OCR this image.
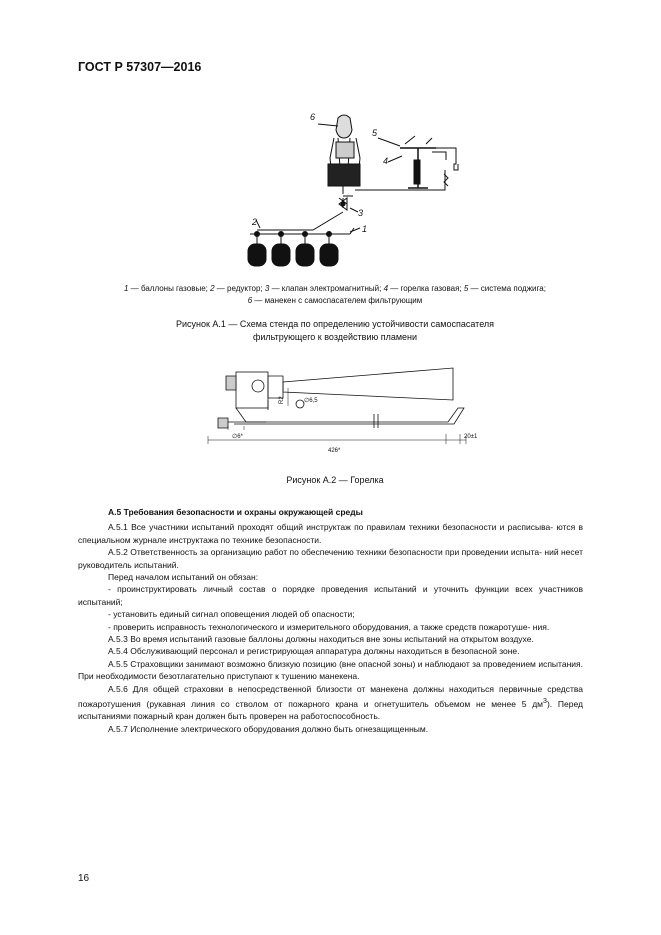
ГОСТ Р 57307—2016
6
5
4
3
2
1
1 — баллоны газовые; 2 — редуктор; 3 — клапан электромагнитный; 4 — горелка газовая; 5 — система поджига;
6 — манекен с самоспасателем фильтрующим
Рисунок А.1 — Схема стенда по определению устойчивости самоспасателя
фильтрующего к воздействию пламени
R2	∅6,5
∅6*
426*
20±1
Рисунок А.2 — Горелка
А.5 Требования безопасности и охраны окружающей среды

А.5.1 Все участники испытаний проходят общий инструктаж по правилам техники безопасности и расписыва- ются в специальном журнале инструктажа по технике безопасности.

А.5.2 Ответственность за организацию работ по обеспечению техники безопасности при проведении испыта- ний несет руководитель испытаний.

Перед началом испытаний он обязан:

- проинструктировать личный состав о порядке проведения испытаний и уточнить функции всех участников испытаний;

- установить единый сигнал оповещения людей об опасности;

- проверить исправность технологического и измерительного оборудования, а также средств пожаротуше- ния.

А.5.3 Во время испытаний газовые баллоны должны находиться вне зоны испытаний на открытом воздухе.

А.5.4 Обслуживающий персонал и регистрирующая аппаратура должны находиться в безопасной зоне.

А.5.5 Страховщики занимают возможно близкую позицию (вне опасной зоны) и наблюдают за проведением испытания. При необходимости безотлагательно приступают к тушению манекена.

А.5.6 Для общей страховки в непосредственной близости от манекена должны находиться первичные средства пожаротушения (рукавная линия со стволом от пожарного крана и огнетушитель объемом не менее 5 $дм^3$). Перед испытаниями пожарный кран должен быть проверен на работоспособность.

А.5.7 Исполнение электрического оборудования должно быть огнезащищенным.

16
